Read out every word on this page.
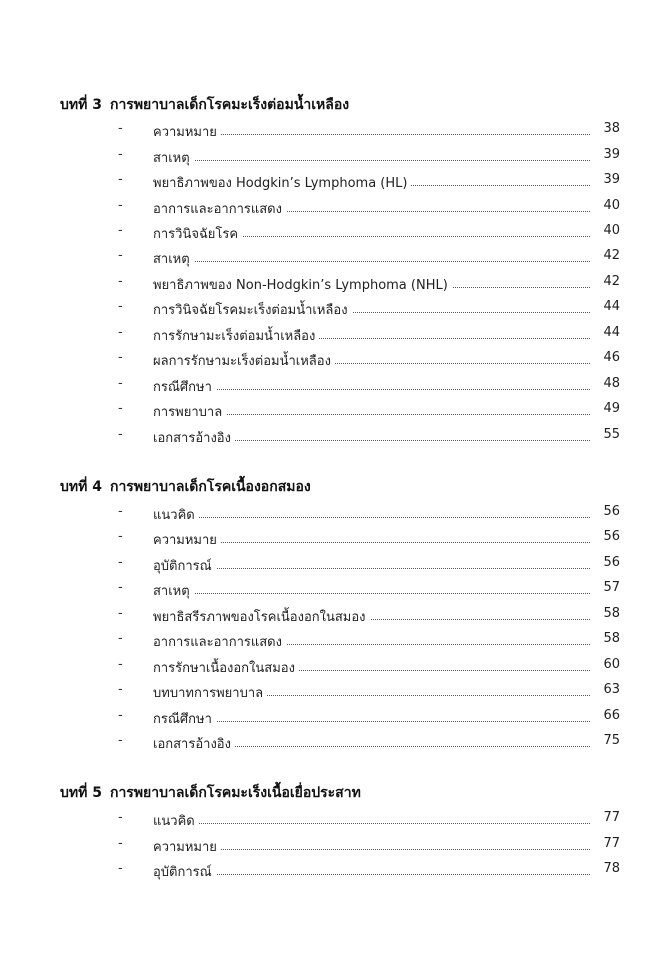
บทที่ 3 การพยาบาลเด็กโรคมะเร็งต่อมน้ำเหลือง
- ความหมาย	38
- สาเหตุ	39
- พยาธิภาพของ Hodgkin’s Lymphoma (HL)	39
- อาการและอาการแสดง	40
- การวินิจฉัยโรค	40
- สาเหตุ	42
- พยาธิภาพของ Non-Hodgkin’s Lymphoma (NHL)	42
- การวินิจฉัยโรคมะเร็งต่อมน้ำเหลือง	44
- การรักษามะเร็งต่อมน้ำเหลือง	44
- ผลการรักษามะเร็งต่อมน้ำเหลือง	46
- กรณีศึกษา	48
- การพยาบาล	49
- เอกสารอ้างอิง	55
บทที่ 4 การพยาบาลเด็กโรคเนื้องอกสมอง
- แนวคิด	56
- ความหมาย	56
- อุบัติการณ์	56
- สาเหตุ	57
- พยาธิสรีรภาพของโรคเนื้องอกในสมอง	58
- อาการและอาการแสดง	58
- การรักษาเนื้องอกในสมอง	60
- บทบาทการพยาบาล	63
- กรณีศึกษา	66
- เอกสารอ้างอิง	75
บทที่ 5 การพยาบาลเด็กโรคมะเร็งเนื้อเยื่อประสาท
- แนวคิด	77
- ความหมาย	77
- อุบัติการณ์	78
